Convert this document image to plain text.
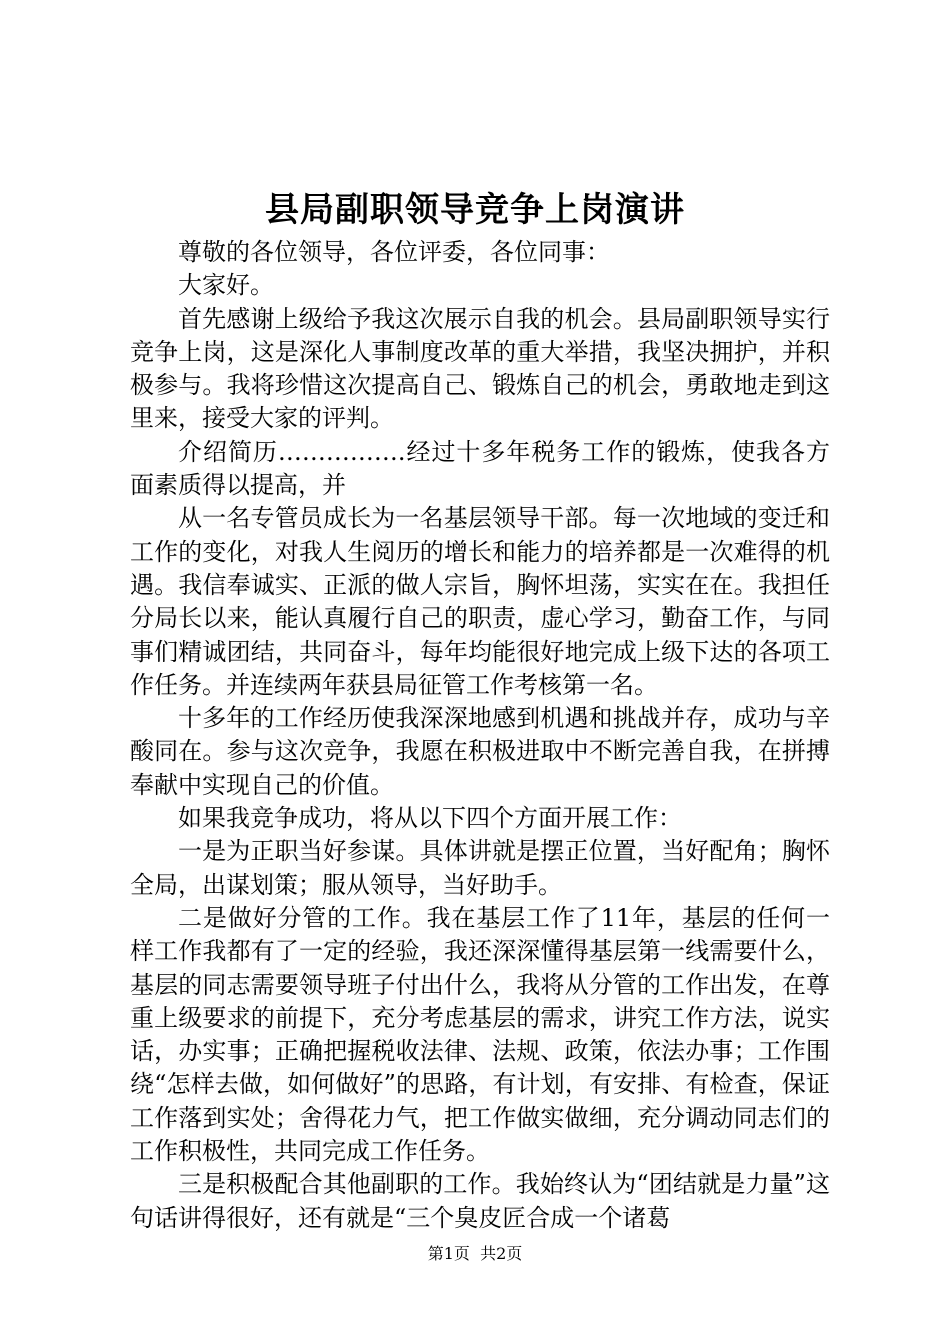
县局副职领导竞争上岗演讲

尊敬的各位领导，各位评委，各位同事：

大家好。

首先感谢上级给予我这次展示自我的机会。县局副职领导实行竞争上岗，这是深化人事制度改革的重大举措，我坚决拥护，并积极参与。我将珍惜这次提高自己、锻炼自己的机会，勇敢地走到这里来，接受大家的评判。

介绍简历…………….经过十多年税务工作的锻炼，使我各方面素质得以提高，并

从一名专管员成长为一名基层领导干部。每一次地域的变迁和工作的变化，对我人生阅历的增长和能力的培养都是一次难得的机遇。我信奉诚实、正派的做人宗旨，胸怀坦荡，实实在在。我担任分局长以来，能认真履行自己的职责，虚心学习，勤奋工作，与同事们精诚团结，共同奋斗，每年均能很好地完成上级下达的各项工作任务。并连续两年获县局征管工作考核第一名。

十多年的工作经历使我深深地感到机遇和挑战并存，成功与辛酸同在。参与这次竞争，我愿在积极进取中不断完善自我，在拼搏奉献中实现自己的价值。

如果我竞争成功，将从以下四个方面开展工作：

一是为正职当好参谋。具体讲就是摆正位置，当好配角；胸怀全局，出谋划策；服从领导，当好助手。

二是做好分管的工作。我在基层工作了11年，基层的任何一样工作我都有了一定的经验，我还深深懂得基层第一线需要什么，基层的同志需要领导班子付出什么，我将从分管的工作出发，在尊重上级要求的前提下，充分考虑基层的需求，讲究工作方法，说实话，办实事；正确把握税收法律、法规、政策，依法办事；工作围绕“怎样去做，如何做好”的思路，有计划，有安排、有检查，保证工作落到实处；舍得花力气，把工作做实做细，充分调动同志们的工作积极性，共同完成工作任务。

三是积极配合其他副职的工作。我始终认为“团结就是力量”这句话讲得很好，还有就是“三个臭皮匠合成一个诸葛

第1页 共2页
